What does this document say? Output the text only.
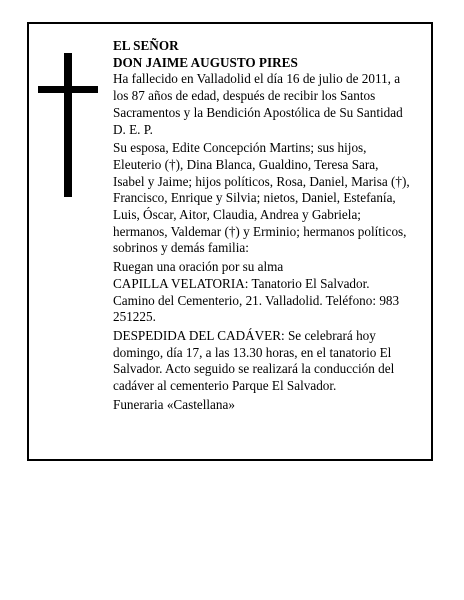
EL SEÑOR
DON JAIME AUGUSTO PIRES
Ha fallecido en Valladolid el día 16 de julio de 2011, a
los 87 años de edad, después de recibir los Santos
Sacramentos y la Bendición Apostólica de Su Santidad
D. E. P.
Su esposa, Edite Concepción Martins; sus hijos,
Eleuterio (†), Dina Blanca, Gualdino, Teresa Sara,
Isabel y Jaime; hijos políticos, Rosa, Daniel, Marisa (†),
Francisco, Enrique y Silvia; nietos, Daniel, Estefanía,
Luis, Óscar, Aitor, Claudia, Andrea y Gabriela;
hermanos, Valdemar (†) y Erminio; hermanos políticos,
sobrinos y demás familia:
Ruegan una oración por su alma
CAPILLA VELATORIA: Tanatorio El Salvador.
Camino del Cementerio, 21. Valladolid. Teléfono: 983
251225.
DESPEDIDA DEL CADÁVER: Se celebrará hoy
domingo, día 17, a las 13.30 horas, en el tanatorio El
Salvador. Acto seguido se realizará la conducción del
cadáver al cementerio Parque El Salvador.
Funeraria «Castellana»
